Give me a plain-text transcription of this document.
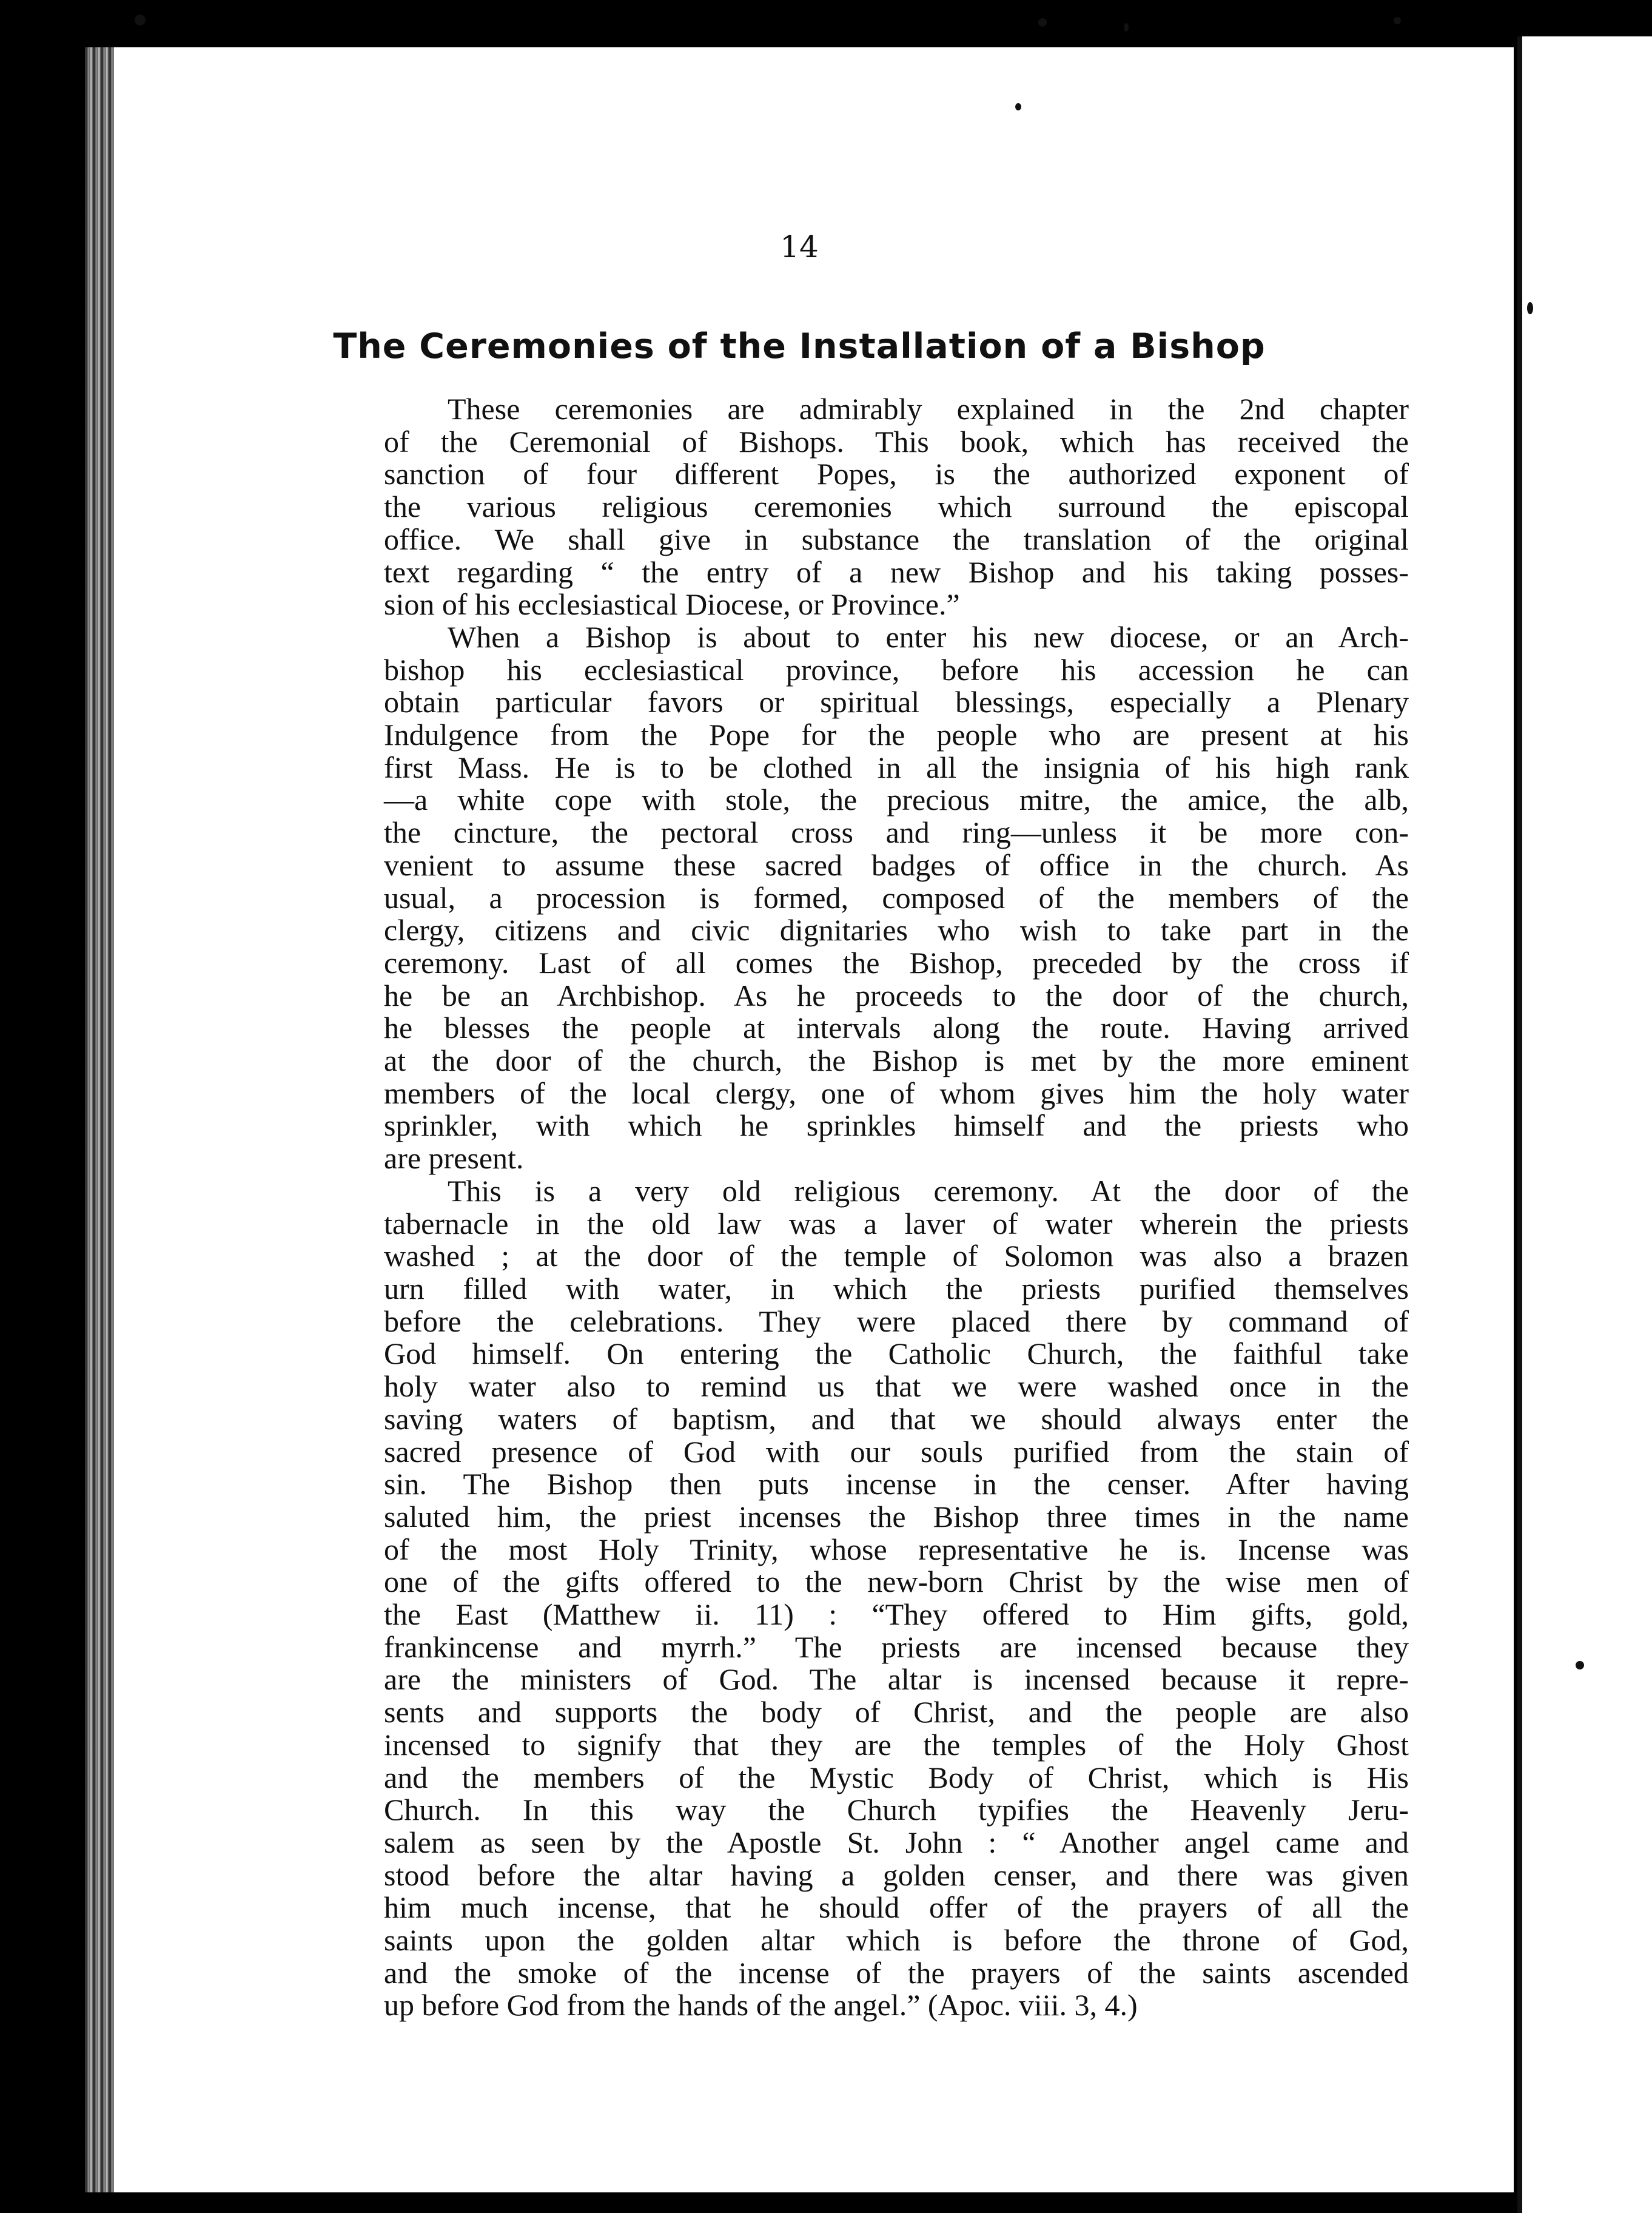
14

The Ceremonies of the Installation of a Bishop
These ceremonies are admirably explained in the 2nd chapter
of the Ceremonial of Bishops. This book, which has received the
sanction of four different Popes, is the authorized exponent of
the various religious ceremonies which surround the episcopal
office. We shall give in substance the translation of the original
text regarding “ the entry of a new Bishop and his taking posses-
sion of his ecclesiastical Diocese, or Province.”
When a Bishop is about to enter his new diocese, or an Arch-
bishop his ecclesiastical province, before his accession he can
obtain particular favors or spiritual blessings, especially a Plenary
Indulgence from the Pope for the people who are present at his
first Mass. He is to be clothed in all the insignia of his high rank
—a white cope with stole, the precious mitre, the amice, the alb,
the cincture, the pectoral cross and ring—unless it be more con-
venient to assume these sacred badges of office in the church. As
usual, a procession is formed, composed of the members of the
clergy, citizens and civic dignitaries who wish to take part in the
ceremony. Last of all comes the Bishop, preceded by the cross if
he be an Archbishop. As he proceeds to the door of the church,
he blesses the people at intervals along the route. Having arrived
at the door of the church, the Bishop is met by the more eminent
members of the local clergy, one of whom gives him the holy water
sprinkler, with which he sprinkles himself and the priests who
are present.
This is a very old religious ceremony. At the door of the
tabernacle in the old law was a laver of water wherein the priests
washed ; at the door of the temple of Solomon was also a brazen
urn filled with water, in which the priests purified themselves
before the celebrations. They were placed there by command of
God himself. On entering the Catholic Church, the faithful take
holy water also to remind us that we were washed once in the
saving waters of baptism, and that we should always enter the
sacred presence of God with our souls purified from the stain of
sin. The Bishop then puts incense in the censer. After having
saluted him, the priest incenses the Bishop three times in the name
of the most Holy Trinity, whose representative he is. Incense was
one of the gifts offered to the new-born Christ by the wise men of
the East (Matthew ii. 11) : “They offered to Him gifts, gold,
frankincense and myrrh.” The priests are incensed because they
are the ministers of God. The altar is incensed because it repre-
sents and supports the body of Christ, and the people are also
incensed to signify that they are the temples of the Holy Ghost
and the members of the Mystic Body of Christ, which is His
Church. In this way the Church typifies the Heavenly Jeru-
salem as seen by the Apostle St. John : “ Another angel came and
stood before the altar having a golden censer, and there was given
him much incense, that he should offer of the prayers of all the
saints upon the golden altar which is before the throne of God,
and the smoke of the incense of the prayers of the saints ascended
up before God from the hands of the angel.” (Apoc. viii. 3, 4.)
